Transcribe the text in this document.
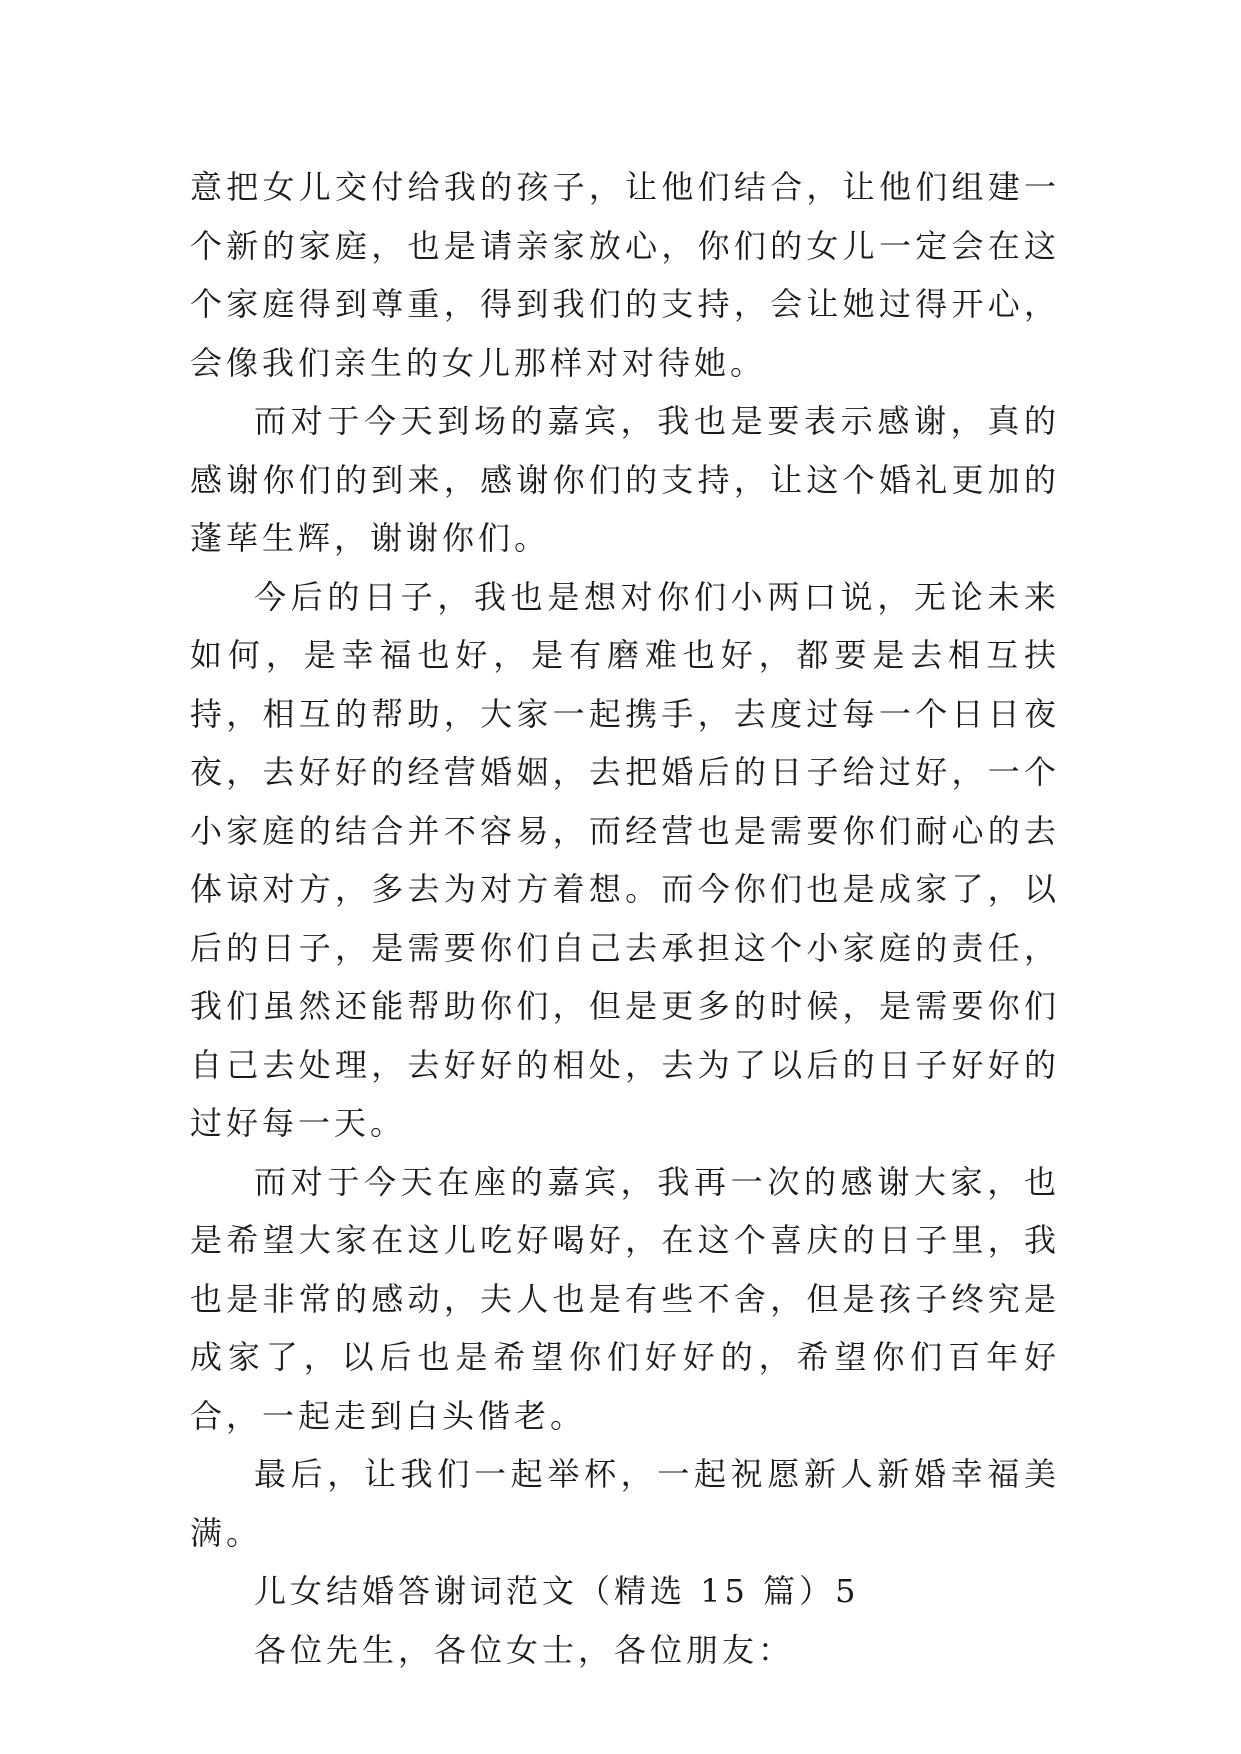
意把女儿交付给我的孩子，让他们结合，让他们组建一个新的家庭，也是请亲家放心，你们的女儿一定会在这个家庭得到尊重，得到我们的支持，会让她过得开心，会像我们亲生的女儿那样对对待她。

而对于今天到场的嘉宾，我也是要表示感谢，真的感谢你们的到来，感谢你们的支持，让这个婚礼更加的蓬荜生辉，谢谢你们。

今后的日子，我也是想对你们小两口说，无论未来如何，是幸福也好，是有磨难也好，都要是去相互扶持，相互的帮助，大家一起携手，去度过每一个日日夜夜，去好好的经营婚姻，去把婚后的日子给过好，一个小家庭的结合并不容易，而经营也是需要你们耐心的去体谅对方，多去为对方着想。而今你们也是成家了，以后的日子，是需要你们自己去承担这个小家庭的责任，我们虽然还能帮助你们，但是更多的时候，是需要你们自己去处理，去好好的相处，去为了以后的日子好好的过好每一天。

而对于今天在座的嘉宾，我再一次的感谢大家，也是希望大家在这儿吃好喝好，在这个喜庆的日子里，我也是非常的感动，夫人也是有些不舍，但是孩子终究是成家了，以后也是希望你们好好的，希望你们百年好合，一起走到白头偕老。

最后，让我们一起举杯，一起祝愿新人新婚幸福美满。

儿女结婚答谢词范文（精选 15 篇）5

各位先生，各位女士，各位朋友：
